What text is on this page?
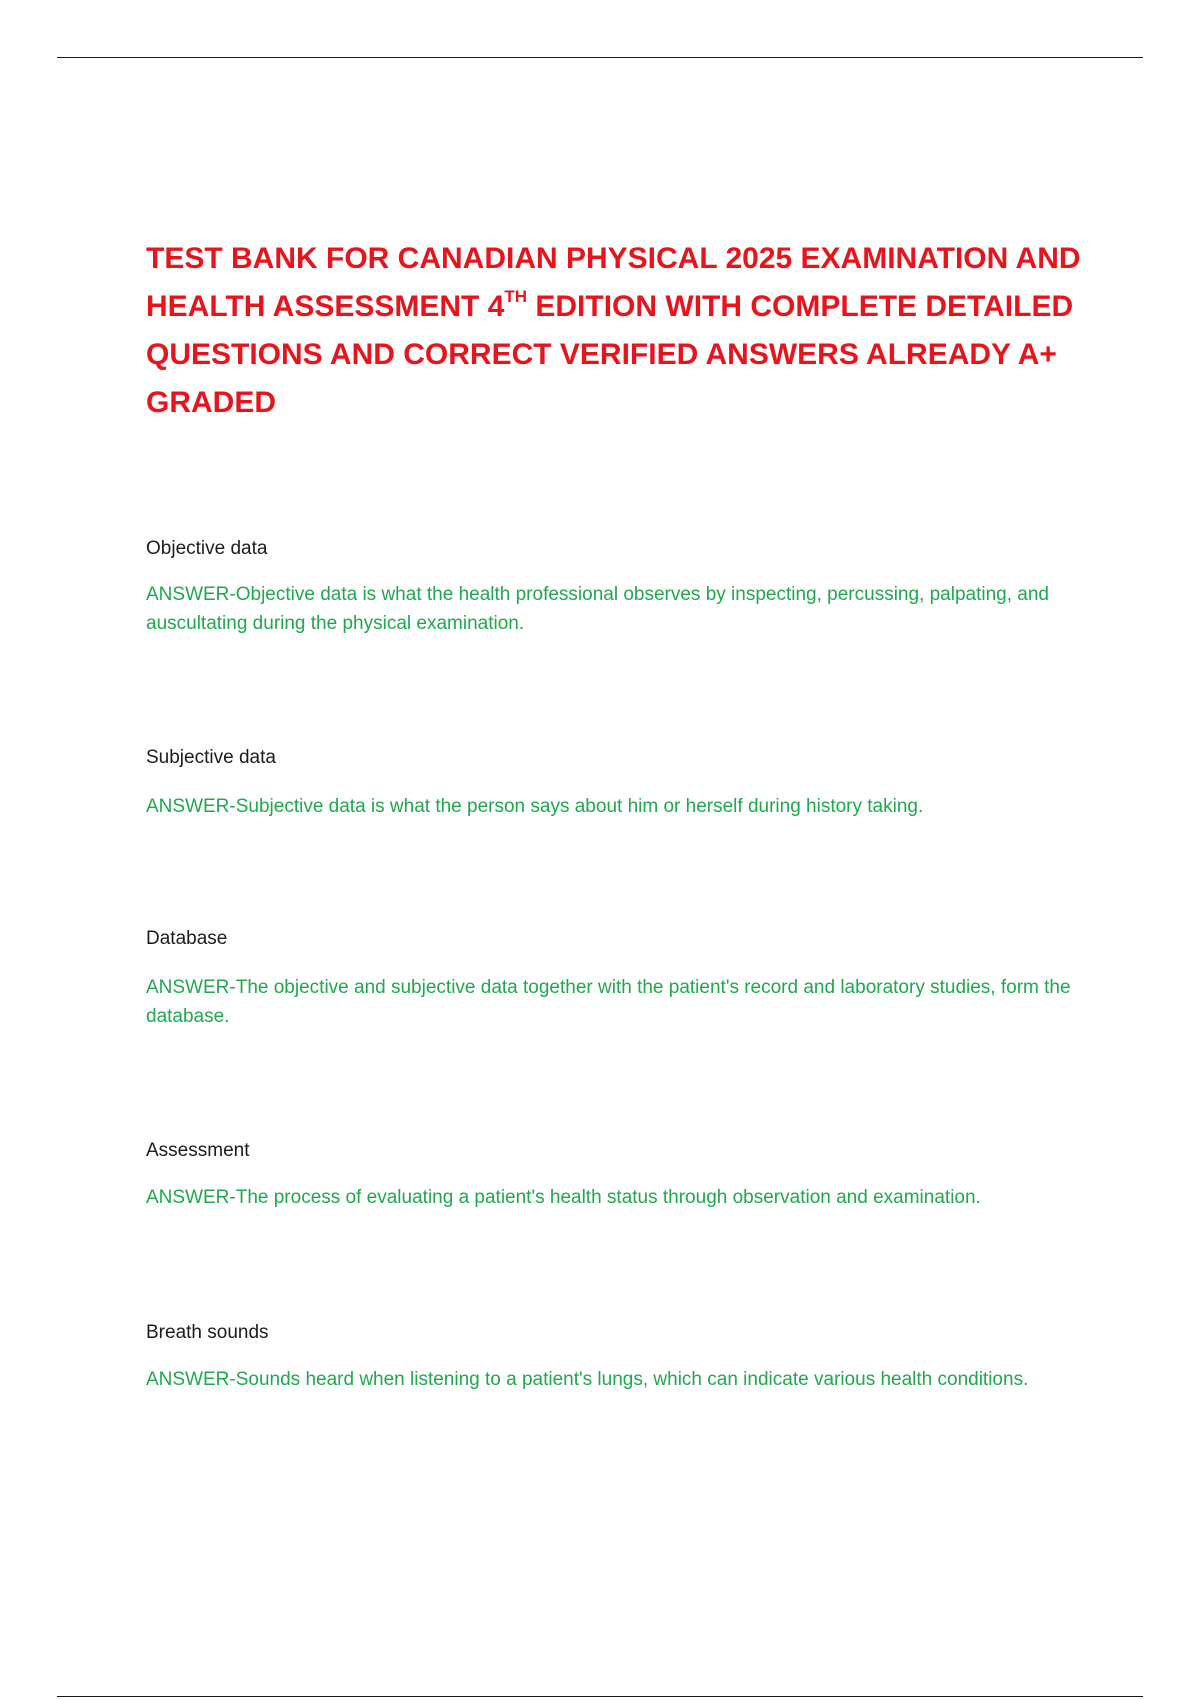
TEST BANK FOR CANADIAN PHYSICAL 2025 EXAMINATION AND HEALTH ASSESSMENT 4TH EDITION WITH COMPLETE DETAILED QUESTIONS AND CORRECT VERIFIED ANSWERS ALREADY A+ GRADED

Objective data

ANSWER-Objective data is what the health professional observes by inspecting, percussing, palpating, and auscultating during the physical examination.

Subjective data

ANSWER-Subjective data is what the person says about him or herself during history taking.

Database

ANSWER-The objective and subjective data together with the patient's record and laboratory studies, form the database.

Assessment

ANSWER-The process of evaluating a patient's health status through observation and examination.

Breath sounds

ANSWER-Sounds heard when listening to a patient's lungs, which can indicate various health conditions.
